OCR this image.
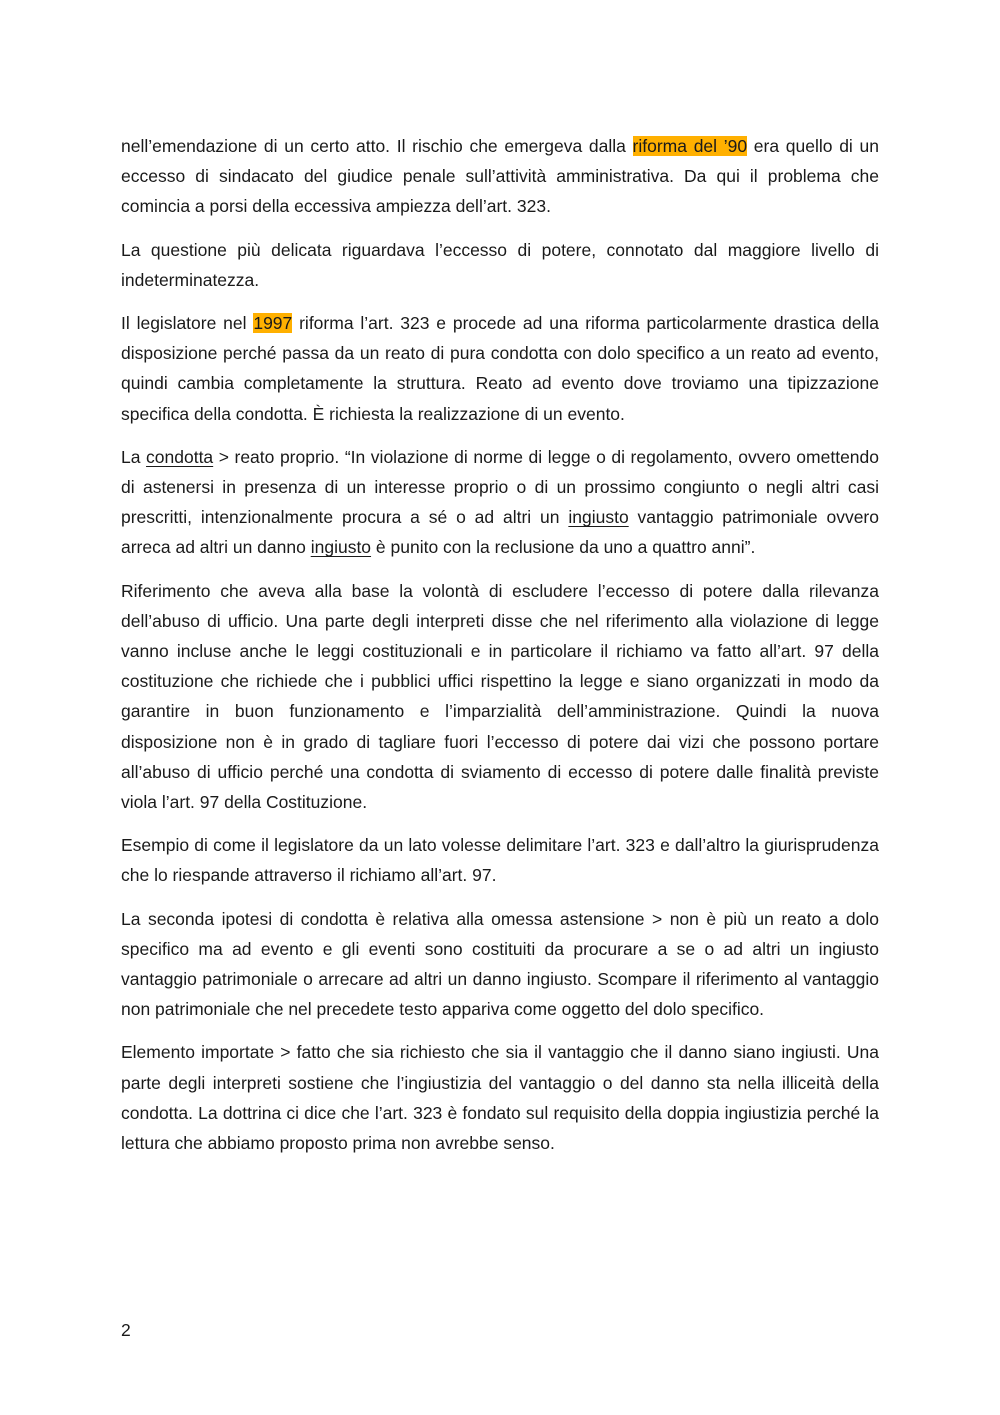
nell’emendazione di un certo atto. Il rischio che emergeva dalla riforma del ’90 era quello di un eccesso di sindacato del giudice penale sull’attività amministrativa. Da qui il problema che comincia a porsi della eccessiva ampiezza dell’art. 323.

La questione più delicata riguardava l’eccesso di potere, connotato dal maggiore livello di indeterminatezza.

Il legislatore nel 1997 riforma l’art. 323 e procede ad una riforma particolarmente drastica della disposizione perché passa da un reato di pura condotta con dolo specifico a un reato ad evento, quindi cambia completamente la struttura. Reato ad evento dove troviamo una tipizzazione specifica della condotta. È richiesta la realizzazione di un evento.

La condotta > reato proprio. “In violazione di norme di legge o di regolamento, ovvero omettendo di astenersi in presenza di un interesse proprio o di un prossimo congiunto o negli altri casi prescritti, intenzionalmente procura a sé o ad altri un ingiusto vantaggio patrimoniale ovvero arreca ad altri un danno ingiusto è punito con la reclusione da uno a quattro anni”.

Riferimento che aveva alla base la volontà di escludere l’eccesso di potere dalla rilevanza dell’abuso di ufficio. Una parte degli interpreti disse che nel riferimento alla violazione di legge vanno incluse anche le leggi costituzionali e in particolare il richiamo va fatto all’art. 97 della costituzione che richiede che i pubblici uffici rispettino la legge e siano organizzati in modo da garantire in buon funzionamento e l’imparzialità dell’amministrazione. Quindi la nuova disposizione non è in grado di tagliare fuori l’eccesso di potere dai vizi che possono portare all’abuso di ufficio perché una condotta di sviamento di eccesso di potere dalle finalità previste viola l’art. 97 della Costituzione.

Esempio di come il legislatore da un lato volesse delimitare l’art. 323 e dall’altro la giurisprudenza che lo riespande attraverso il richiamo all’art. 97.

La seconda ipotesi di condotta è relativa alla omessa astensione > non è più un reato a dolo specifico ma ad evento e gli eventi sono costituiti da procurare a se o ad altri un ingiusto vantaggio patrimoniale o arrecare ad altri un danno ingiusto. Scompare il riferimento al vantaggio non patrimoniale che nel precedete testo appariva come oggetto del dolo specifico.

Elemento importate > fatto che sia richiesto che sia il vantaggio che il danno siano ingiusti. Una parte degli interpreti sostiene che l’ingiustizia del vantaggio o del danno sta nella illiceità della condotta. La dottrina ci dice che l’art. 323 è fondato sul requisito della doppia ingiustizia perché la lettura che abbiamo proposto prima non avrebbe senso.

2
